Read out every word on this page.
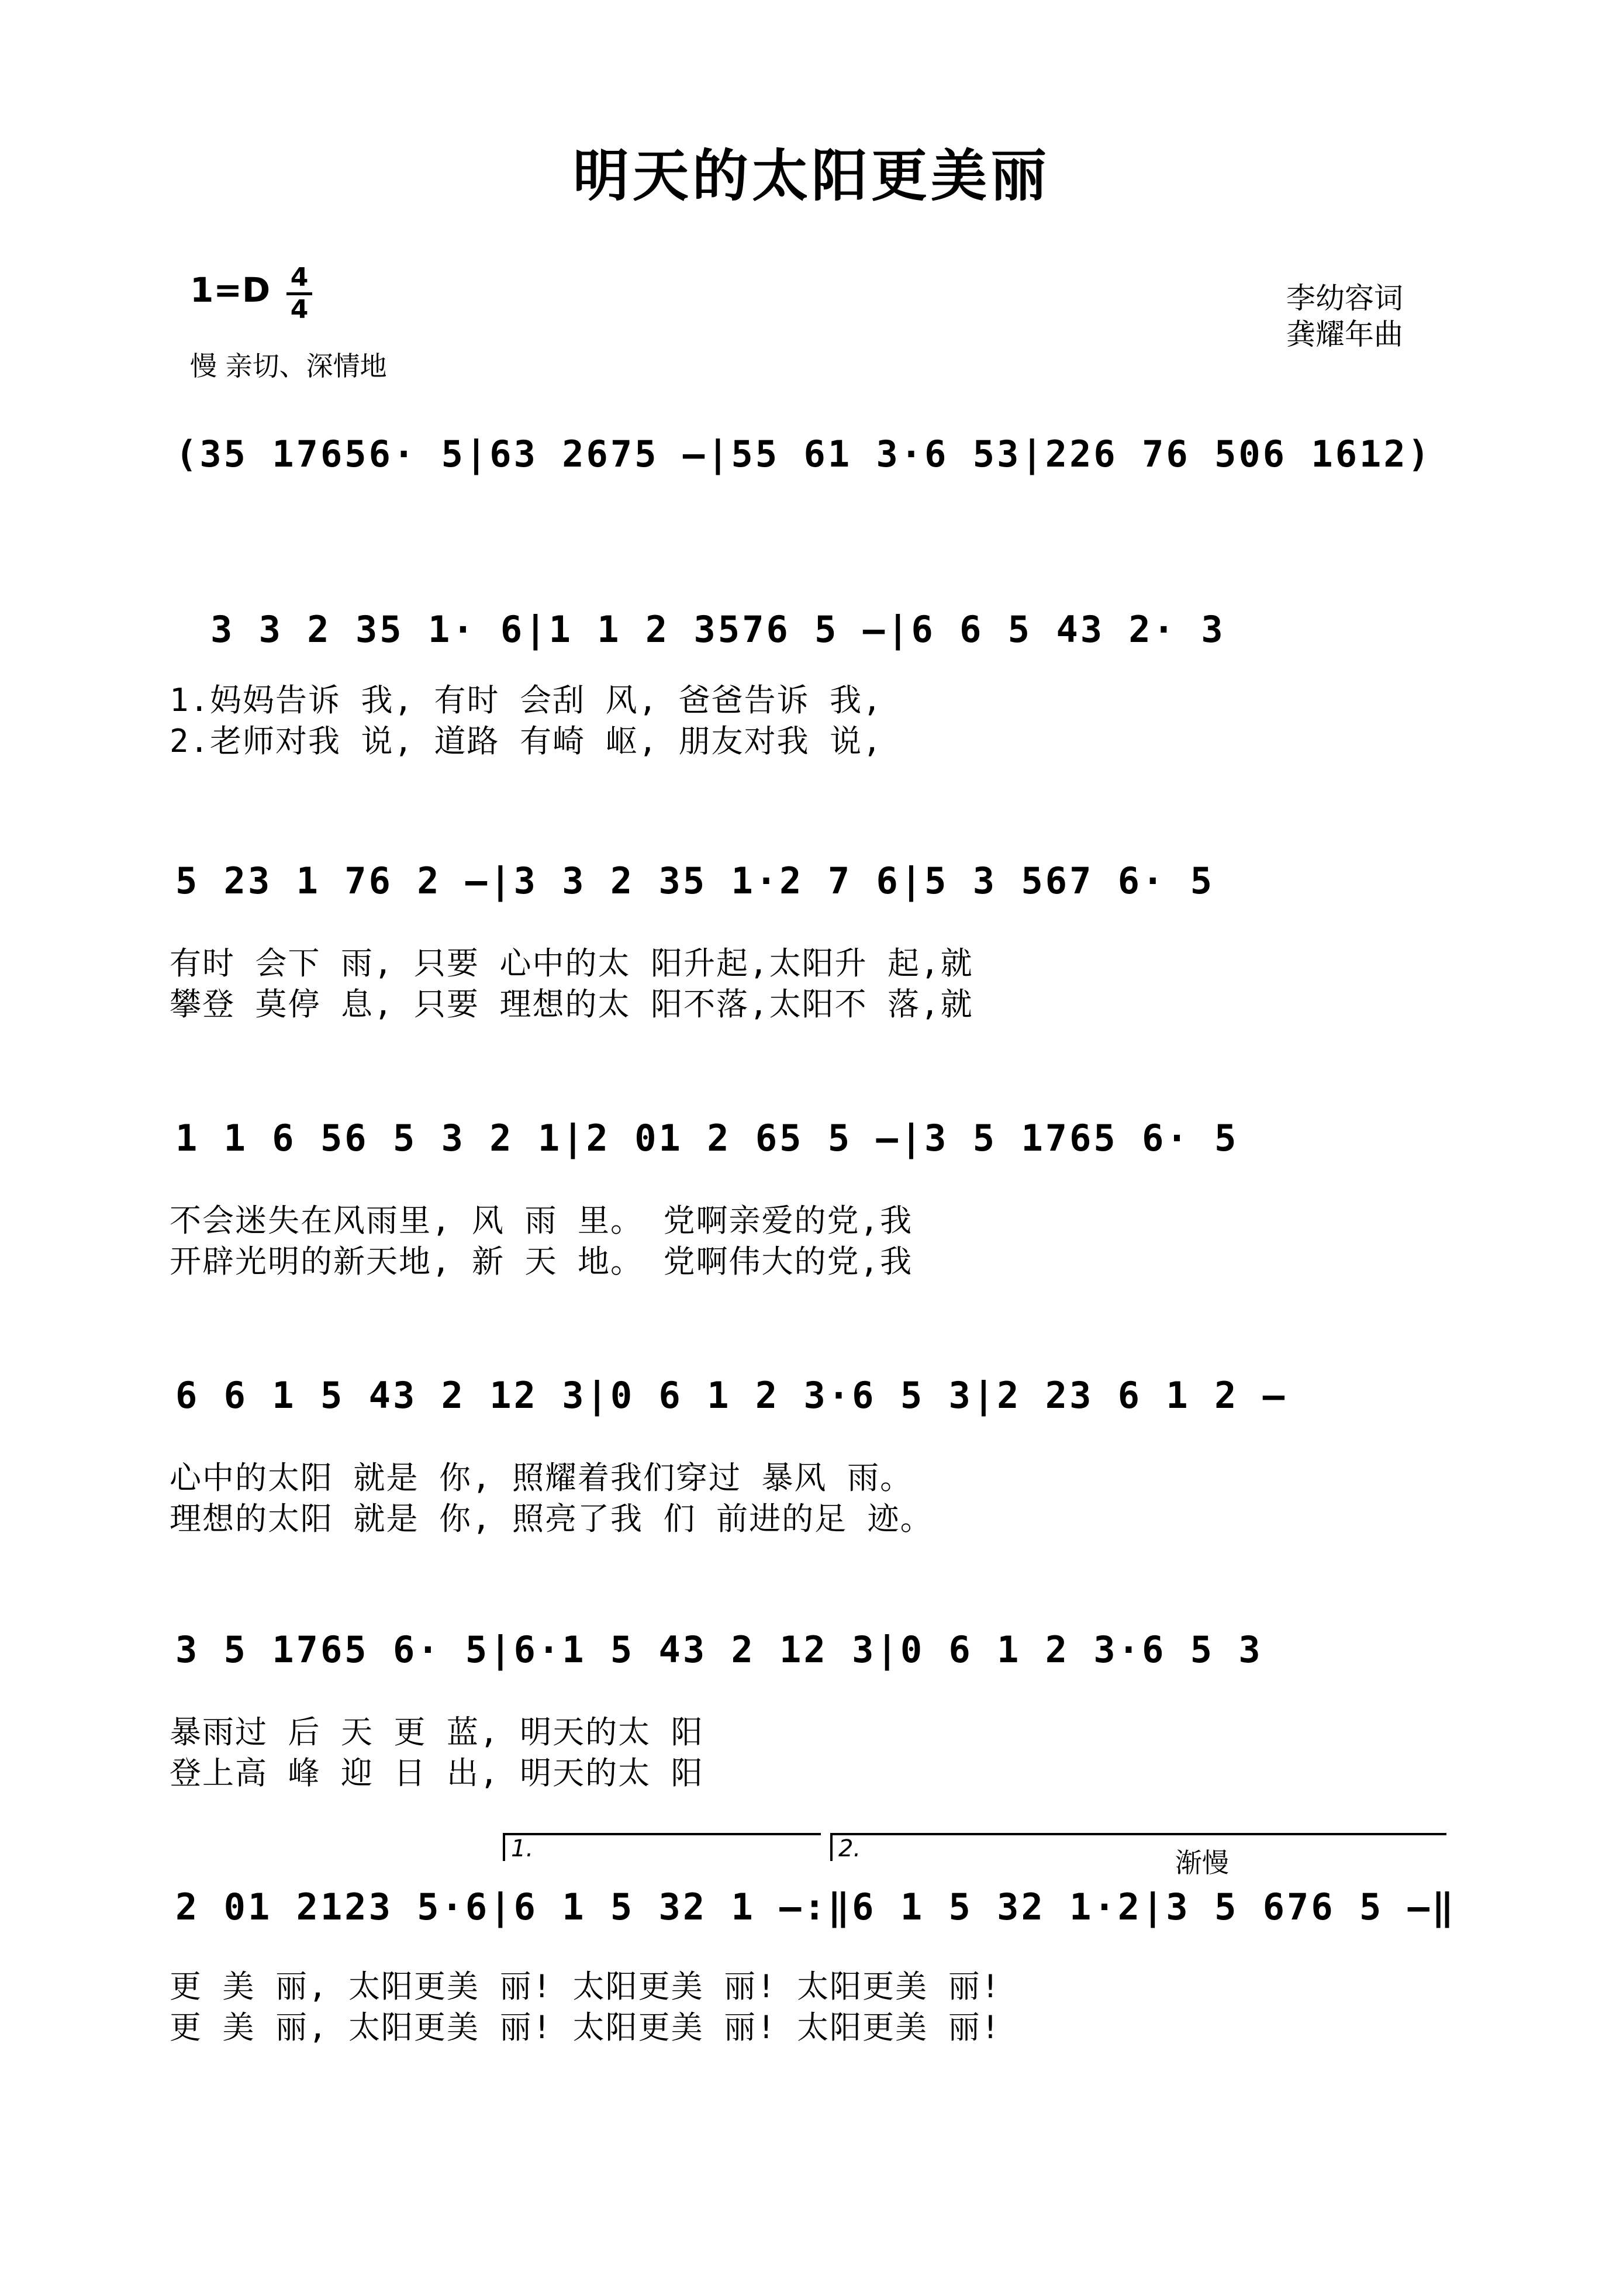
明天的太阳更美丽
1=D 4
4
慢 亲切、深情地
李幼容词
龚耀年曲
(35 17656· 5|63 2675 –|55 61 3·6 53|226 76 506 1612)
3 3 2 35 1· 6|1 1 2 3576 5 –|6 6 5 43 2· 3
1.妈妈告诉 我, 有时 会刮 风, 爸爸告诉 我,
2.老师对我 说, 道路 有崎 岖, 朋友对我 说,
5 23 1 76 2 –|3 3 2 35 1·2 7 6|5 3 567 6· 5
有时 会下 雨, 只要 心中的太 阳升起,太阳升 起,就
攀登 莫停 息, 只要 理想的太 阳不落,太阳不 落,就
1 1 6 56 5 3 2 1|2 01 2 65 5 –|3 5 1765 6· 5
不会迷失在风雨里, 风 雨 里。 党啊亲爱的党,我
开辟光明的新天地, 新 天 地。 党啊伟大的党,我
6 6 1 5 43 2 12 3|0 6 1 2 3·6 5 3|2 23 6 1 2 –
心中的太阳 就是 你, 照耀着我们穿过 暴风 雨。
理想的太阳 就是 你, 照亮了我 们 前进的足 迹。
3 5 1765 6· 5|6·1 5 43 2 12 3|0 6 1 2 3·6 5 3
暴雨过 后 天 更 蓝, 明天的太 阳
登上高 峰 迎 日 出, 明天的太 阳
1.	2.	渐慢
2 01 2123 5·6|6 1 5 32 1 –:‖6 1 5 32 1·2|3 5 676 5 –‖
更 美 丽, 太阳更美 丽! 太阳更美 丽! 太阳更美 丽!
更 美 丽, 太阳更美 丽! 太阳更美 丽! 太阳更美 丽!
